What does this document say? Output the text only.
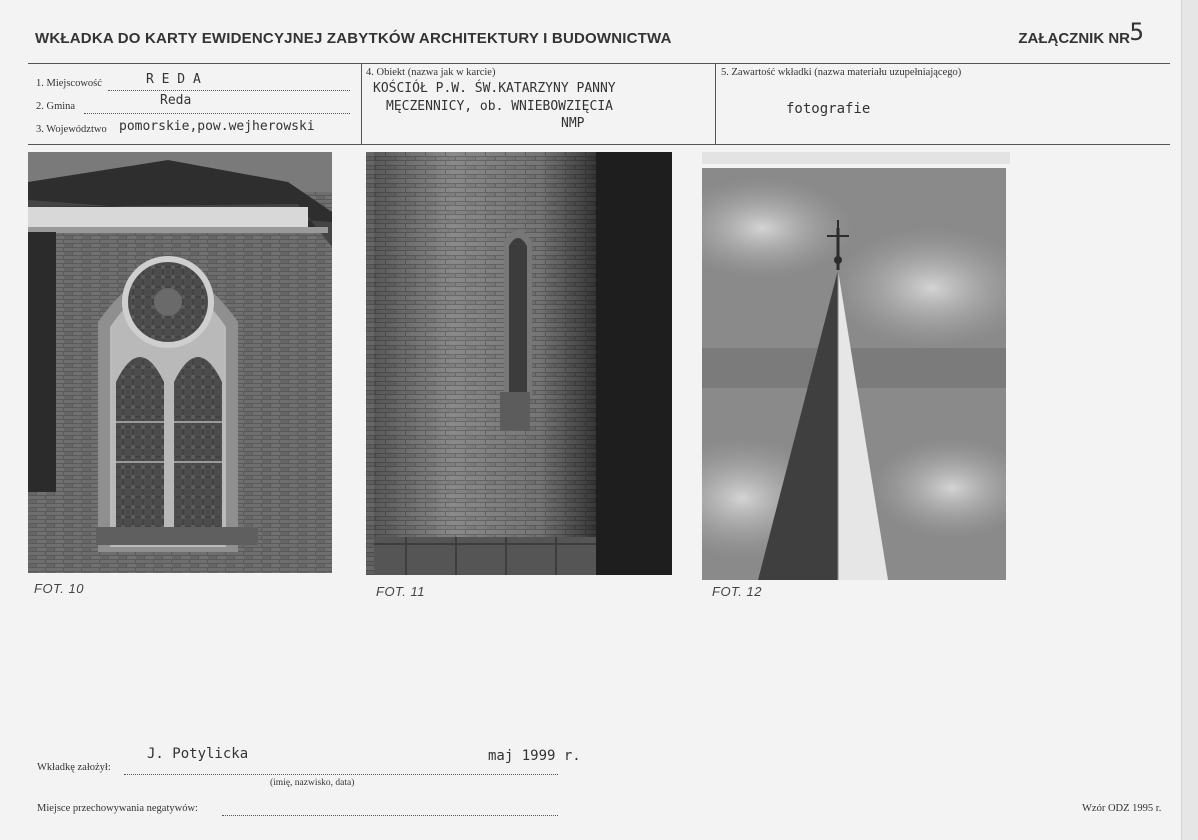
WKŁADKA DO KARTY EWIDENCYJNEJ ZABYTKÓW ARCHITEKTURY I BUDOWNICTWA	ZAŁĄCZNIK NR 5
1. Miejscowość	R E D A
2. Gmina	Reda
3. Województwo pomorskie,pow.wejherowski
4. Obiekt (nazwa jak w karcie)
KOŚCIÓŁ P.W. ŚW.KATARZYNY PANNY
MĘCZENNICY, ob. WNIEBOWZIĘCIA
NMP
5. Zawartość wkładki (nazwa materiału uzupełniającego)
fotografie
FOT. 10	FOT. 11	FOT. 12
J. Potylicka	maj 1999 r.
Wkładkę założył:
(imię, nazwisko, data)
Miejsce przechowywania negatywów:	Wzór ODZ 1995 r.
